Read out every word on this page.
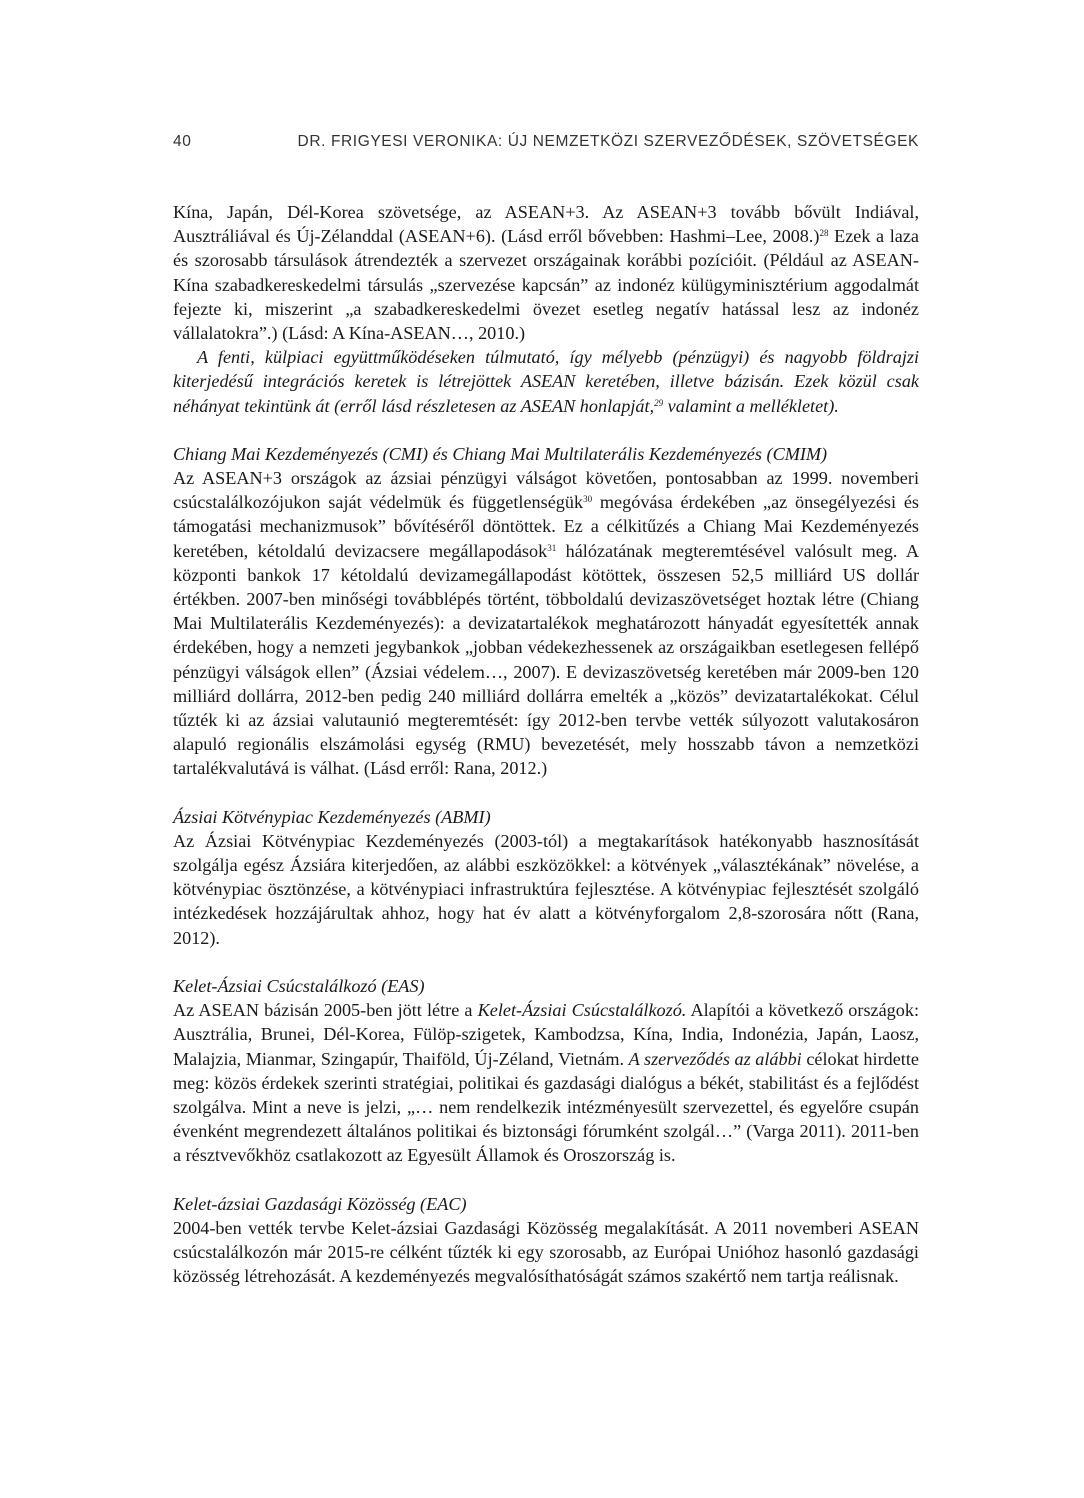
40	DR. FRIGYESI VERONIKA: ÚJ NEMZETKÖZI SZERVEZŐDÉSEK, SZÖVETSÉGEK

Kína, Japán, Dél-Korea szövetsége, az ASEAN+3. Az ASEAN+3 tovább bővült Indiával, Ausztráliával és Új-Zélanddal (ASEAN+6). (Lásd erről bővebben: Hashmi–Lee, 2008.)$^{28}$ Ezek a laza és szorosabb társulások átrendezték a szervezet országainak korábbi pozícióit. (Például az ASEAN-Kína szabadkereskedelmi társulás „szervezése kapcsán” az indonéz külügyminisztérium aggodalmát fejezte ki, miszerint „a szabadkereskedelmi övezet esetleg negatív hatással lesz az indonéz vállalatokra”.) (Lásd: A Kína-ASEAN…, 2010.)

A fenti, külpiaci együttműködéseken túlmutató, így mélyebb (pénzügyi) és nagyobb földrajzi kiterjedésű integrációs keretek is létrejöttek ASEAN keretében, illetve bázisán. Ezek közül csak néhányat tekintünk át (erről lásd részletesen az ASEAN honlapját,$^{29}$ valamint a mellékletet).

Chiang Mai Kezdeményezés (CMI) és Chiang Mai Multilaterális Kezdeményezés (CMIM)

Az ASEAN+3 országok az ázsiai pénzügyi válságot követően, pontosabban az 1999. novemberi csúcstalálkozójukon saját védelmük és függetlenségük$^{30}$ megóvása érdekében „az önsegélyezési és támogatási mechanizmusok” bővítéséről döntöttek. Ez a célkitűzés a Chiang Mai Kezdeményezés keretében, kétoldalú devizacsere megállapodások$^{31}$ hálózatának megteremtésével valósult meg. A központi bankok 17 kétoldalú devizamegállapodást kötöttek, összesen 52,5 milliárd US dollár értékben. 2007-ben minőségi továbblépés történt, többoldalú devizaszövetséget hoztak létre (Chiang Mai Multilaterális Kezdeményezés): a devizatartalékok meghatározott hányadát egyesítették annak érdekében, hogy a nemzeti jegybankok „jobban védekezhessenek az országaikban esetlegesen fellépő pénzügyi válságok ellen” (Ázsiai védelem…, 2007). E devizaszövetség keretében már 2009-ben 120 milliárd dollárra, 2012-ben pedig 240 milliárd dollárra emelték a „közös” devizatartalékokat. Célul tűzték ki az ázsiai valutaunió megteremtését: így 2012-ben tervbe vették súlyozott valutakosáron alapuló regionális elszámolási egység (RMU) bevezetését, mely hosszabb távon a nemzetközi tartalékvalutává is válhat. (Lásd erről: Rana, 2012.)

Ázsiai Kötvénypiac Kezdeményezés (ABMI)

Az Ázsiai Kötvénypiac Kezdeményezés (2003-tól) a megtakarítások hatékonyabb hasznosítását szolgálja egész Ázsiára kiterjedően, az alábbi eszközökkel: a kötvények „választékának” növelése, a kötvénypiac ösztönzése, a kötvénypiaci infrastruktúra fejlesztése. A kötvénypiac fejlesztését szolgáló intézkedések hozzájárultak ahhoz, hogy hat év alatt a kötvényforgalom 2,8-szorosára nőtt (Rana, 2012).

Kelet-Ázsiai Csúcstalálkozó (EAS)

Az ASEAN bázisán 2005-ben jött létre a Kelet-Ázsiai Csúcstalálkozó. Alapítói a következő országok: Ausztrália, Brunei, Dél-Korea, Fülöp-szigetek, Kambodzsa, Kína, India, Indonézia, Japán, Laosz, Malajzia, Mianmar, Szingapúr, Thaiföld, Új-Zéland, Vietnám. A szerveződés az alábbi célokat hirdette meg: közös érdekek szerinti stratégiai, politikai és gazdasági dialógus a békét, stabilitást és a fejlődést szolgálva. Mint a neve is jelzi, „… nem rendelkezik intézményesült szervezettel, és egyelőre csupán évenként megrendezett általános politikai és biztonsági fórumként szolgál…” (Varga 2011). 2011-ben a résztvevőkhöz csatlakozott az Egyesült Államok és Oroszország is.

Kelet-ázsiai Gazdasági Közösség (EAC)

2004-ben vették tervbe Kelet-ázsiai Gazdasági Közösség megalakítását. A 2011 novemberi ASEAN csúcstalálkozón már 2015-re célként tűzték ki egy szorosabb, az Európai Unióhoz hasonló gazdasági közösség létrehozását. A kezdeményezés megvalósíthatóságát számos szakértő nem tartja reálisnak.
